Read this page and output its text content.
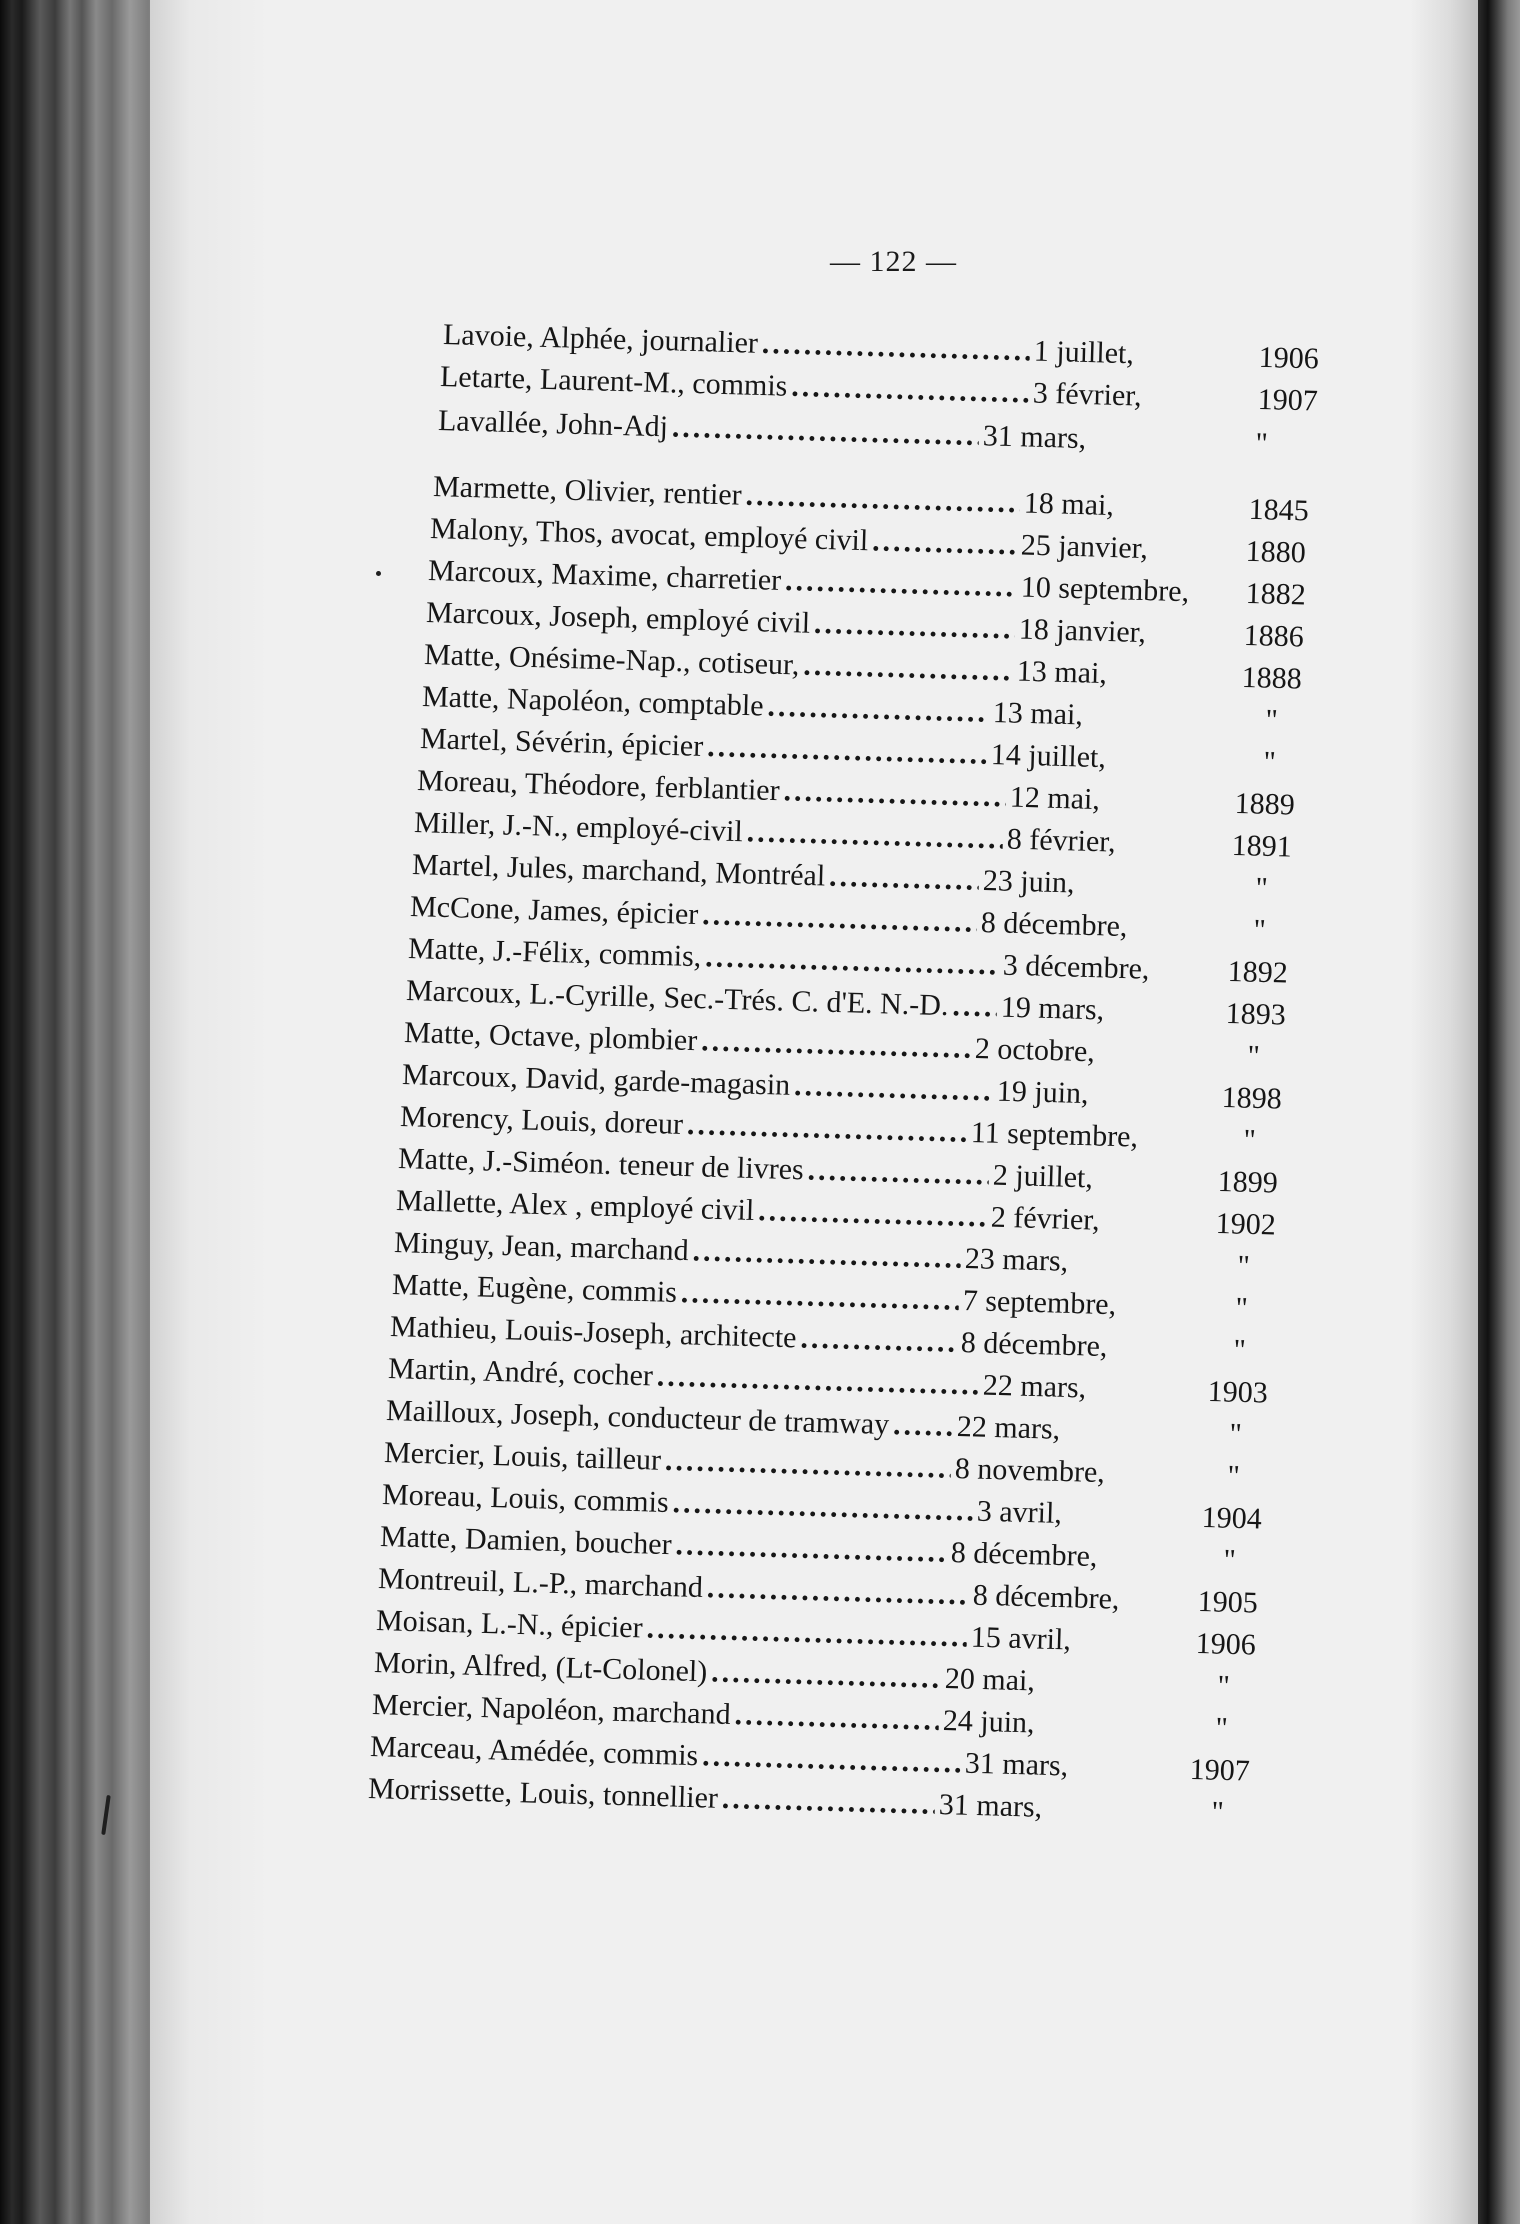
— 122 —
Lavoie, Alphée, journalier .....	1 juillet,	1906
Letarte, Laurent-M., commis .....	3 février,	1907
Lavallée, John-Adj .....	31 mars,	"
Marmette, Olivier, rentier .....	18 mai,	1845
Malony, Thos, avocat, employé civil .....	25 janvier,	1880
Marcoux, Maxime, charretier .....	10 septembre,	1882
Marcoux, Joseph, employé civil .....	18 janvier,	1886
Matte, Onésime-Nap., cotiseur, .....	13 mai,	1888
Matte, Napoléon, comptable .....	13 mai,	"
Martel, Sévérin, épicier .....	14 juillet,	"
Moreau, Théodore, ferblantier .....	12 mai,	1889
Miller, J.-N., employé-civil .....	8 février,	1891
Martel, Jules, marchand, Montréal .....	23 juin,	"
McCone, James, épicier .....	8 décembre,	"
Matte, J.-Félix, commis, .....	3 décembre,	1892
Marcoux, L.-Cyrille, Sec.-Trés. C. d'E. N.-D. ..... 19 mars,	1893
Matte, Octave, plombier .....	2 octobre,	"
Marcoux, David, garde-magasin .....	19 juin,	1898
Morency, Louis, doreur .....	11 septembre,	"
Matte, J.-Siméon. teneur de livres .....	2 juillet,	1899
Mallette, Alex , employé civil .....	2 février,	1902
Minguy, Jean, marchand .....	23 mars,	"
Matte, Eugène, commis .....	7 septembre,	"
Mathieu, Louis-Joseph, architecte .....	8 décembre,	"
Martin, André, cocher .....	22 mars,	1903
Mailloux, Joseph, conducteur de tramway ..... 22 mars,	"
Mercier, Louis, tailleur .....	8 novembre,	"
Moreau, Louis, commis .....	3 avril,	1904
Matte, Damien, boucher .....	8 décembre,	"
Montreuil, L.-P., marchand .....	8 décembre,	1905
Moisan, L.-N., épicier .....	15 avril,	1906
Morin, Alfred, (Lt-Colonel) .....	20 mai,	"
Mercier, Napoléon, marchand .....	24 juin,	"
Marceau, Amédée, commis .....	31 mars,	1907
Morrissette, Louis, tonnellier .....	31 mars,	"
